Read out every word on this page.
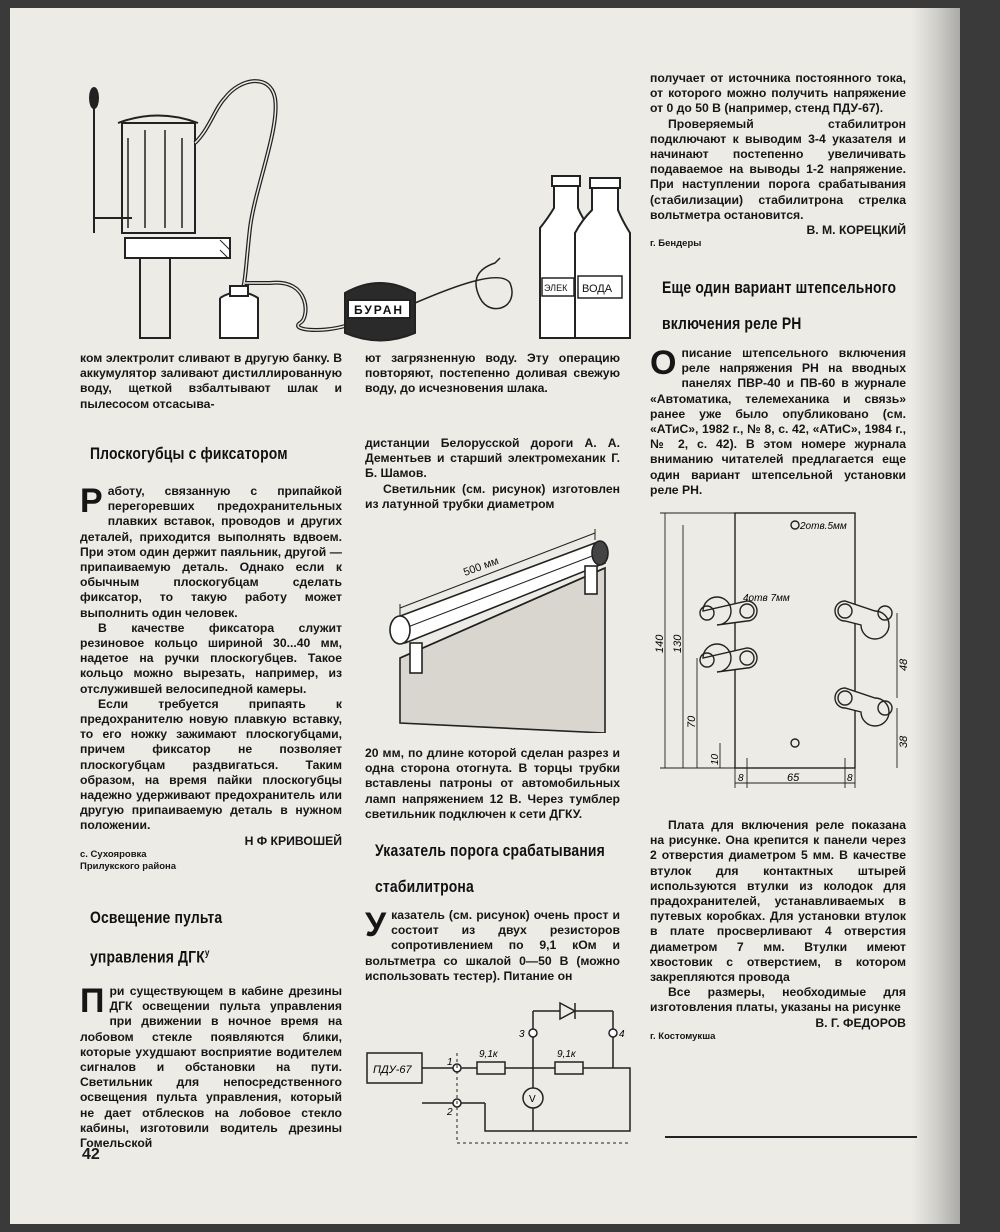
БУРАН
ЭЛЕК ВОДА

ком электролит сливают в другую банку. В аккумулятор заливают дистиллированную воду, щеткой взбалтывают шлак и пылесосом отсасыва-

Плоскогубцы с фиксатором
Р аботу, связанную с припайкой перегоревших предохранительных плавких вставок, проводов и других деталей, приходится выполнять вдвоем. При этом один держит паяльник, другой — припаиваемую деталь. Однако если к обычным плоскогубцам сделать фиксатор, то такую работу может выполнить один человек.

В качестве фиксатора служит резиновое кольцо шириной 30...40 мм, надетое на ручки плоскогубцев. Такое кольцо можно вырезать, например, из отслужившей велосипедной камеры.

Если требуется припаять к предохранителю новую плавкую вставку, то его ножку зажимают плоскогубцами, причем фиксатор не позволяет плоскогубцам раздвигаться. Таким образом, на время пайки плоскогубцы надежно удерживают предохранитель или другую припаиваемую деталь в нужном положении.

Н Ф КРИВОШЕЙ

с. Сухоярoвка

Прилукского района

Освещение пульта
управления $ДГК^у$
П ри существующем в кабине дрезины ДГК освещении пульта управления при движении в ночное время на лобовом стекле появляются блики, которые ухудшают восприятие водителем сигналов и обстановки на пути. Светильник для непосредственного освещения пульта управления, который не дает отблесков на лобовое стекло кабины, изготовили водитель дрезины Гомельской

42

ют загрязненную воду. Эту операцию повторяют, постепенно доливая свежую воду, до исчезновения шлака.

дистанции Белорусской дороги А. А. Дементьев и старший электромеханик Г. Б. Шамов.

Светильник (см. рисунок) изготовлен из латунной трубки диаметром

500 мм

20 мм, по длине которой сделан разрез и одна сторона отогнута. В торцы трубки вставлены патроны от автомобильных ламп напряжением 12 В. Через тумблер светильник подключен к сети ДГКУ.

Указатель порога срабатывания
стабилитрона
У казатель (см. рисунок) очень прост и состоит из двух резисторов сопротивлением по 9,1 кОм и вольтметра со шкалой 0—50 В (можно использовать тестер). Питание он

ПДУ-67
9,1к	9,1к
V
1
2
3	4

получает от источника постоянного тока, от которого можно получить напряжение от 0 до 50 В (например, стенд ПДУ-67).

Проверяемый стабилитрон подключают к выводим 3-4 указателя и начинают постепенно увеличивать подаваемое на выводы 1-2 напряжение. При наступлении порога срабатывания (стабилизации) стабилитрона стрелка вольтметра остановится.

В. М. КОРЕЦКИЙ

г. Бендеры

Еще один вариант штепсельного
включения реле РН
О писание штепсельного включения реле напряжения РН на вводных панелях ПВР-40 и ПВ-60 в журнале «Автоматика, телемеханика и связь» ранее уже было опубликовано (см. «АТиС», 1982 г., № 8, с. 42, «АТиС», 1984 г., № 2, с. 42). В этом номере журнала вниманию читателей предлагается еще один вариант штепсельной установки реле РН.

2отв.5мм
4отв 7мм
140 130
70
10
48
38
8	65	8

Плата для включения реле показана на рисунке. Она крепится к панели через 2 отверстия диаметром 5 мм. В качестве втулок для контактных штырей используются втулки из колодок для прадохранителей, устанавливаемых в путевых коробках. Для установки втулок в плате просверливают 4 отверстия диаметром 7 мм. Втулки имеют хвостовик с отверстием, в котором закрепляются провода

Все размеры, необходимые для изготовления платы, указаны на рисунке

В. Г. ФЕДОРОВ

г. Костомукша
